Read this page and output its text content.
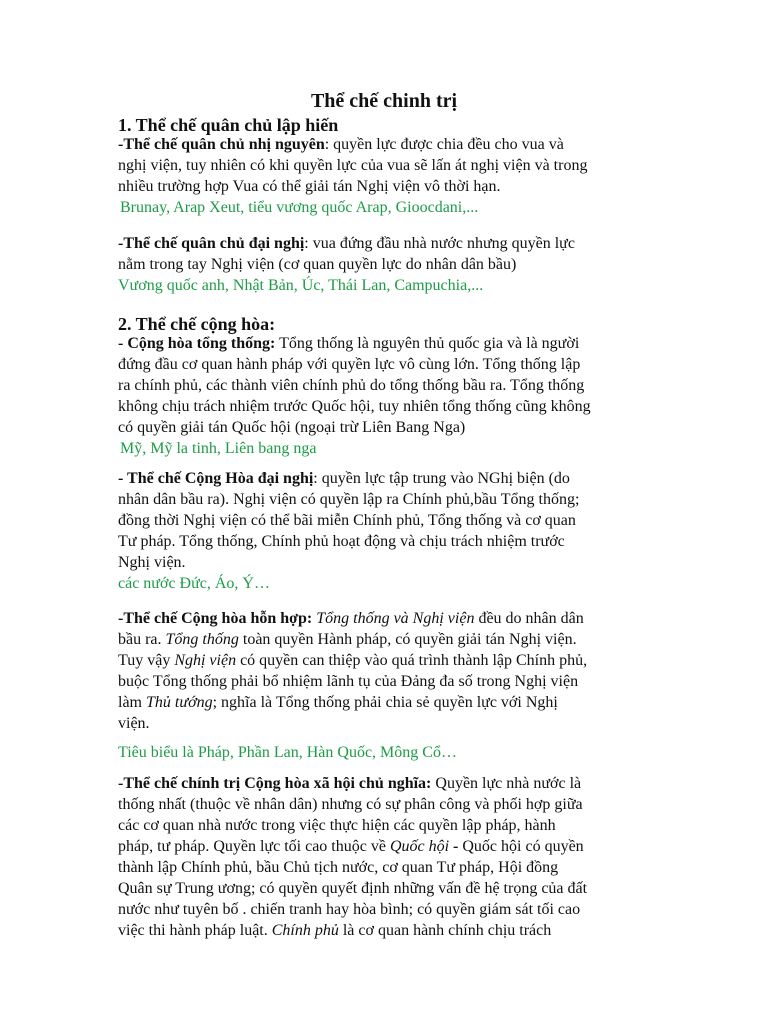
Thể chế chinh trị
1. Thể chế quân chủ lập hiến
-Thể chế quân chủ nhị nguyên: quyền lực được chia đều cho vua và
nghị viện, tuy nhiên có khi quyền lực của vua sẽ lấn át nghị viện và trong
nhiều trường hợp Vua có thể giải tán Nghị viện vô thời hạn.
Brunay, Arap Xeut, tiểu vương quốc Arap, Gioocdani,...
-Thể chế quân chủ đại nghị: vua đứng đầu nhà nước nhưng quyền lực
nằm trong tay Nghị viện (cơ quan quyền lực do nhân dân bầu)
Vương quốc anh, Nhật Bản, Úc, Thái Lan, Campuchia,...
2. Thể chế cộng hòa:
- Cộng hòa tổng thống: Tổng thống là nguyên thủ quốc gia và là người
đứng đầu cơ quan hành pháp với quyền lực vô cùng lớn. Tổng thống lập
ra chính phủ, các thành viên chính phủ do tổng thống bầu ra. Tổng thống
không chịu trách nhiệm trước Quốc hội, tuy nhiên tổng thống cũng không
có quyền giải tán Quốc hội (ngoại trừ Liên Bang Nga)
Mỹ, Mỹ la tinh, Liên bang nga
- Thể chế Cộng Hòa đại nghị: quyền lực tập trung vào NGhị biện (do
nhân dân bầu ra). Nghị viện có quyền lập ra Chính phủ,bầu Tổng thống;
đồng thời Nghị viện có thể bãi miễn Chính phủ, Tổng thống và cơ quan
Tư pháp. Tổng thống, Chính phủ hoạt động và chịu trách nhiệm trước
Nghị viện.
các nước Đức, Áo, Ý…
-Thể chế Cộng hòa hỗn hợp: Tổng thống và Nghị viện đều do nhân dân
bầu ra. Tổng thống toàn quyền Hành pháp, có quyền giải tán Nghị viện.
Tuy vậy Nghị viện có quyền can thiệp vào quá trình thành lập Chính phủ,
buộc Tổng thống phải bổ nhiệm lãnh tụ của Đảng đa số trong Nghị viện
làm Thủ tướng; nghĩa là Tổng thống phải chia sẻ quyền lực với Nghị
viện.
Tiêu biểu là Pháp, Phần Lan, Hàn Quốc, Mông Cổ…
-Thể chế chính trị Cộng hòa xã hội chủ nghĩa: Quyền lực nhà nước là
thống nhất (thuộc về nhân dân) nhưng có sự phân công và phối hợp giữa
các cơ quan nhà nước trong việc thực hiện các quyền lập pháp, hành
pháp, tư pháp. Quyền lực tối cao thuộc về Quốc hội - Quốc hội có quyền
thành lập Chính phủ, bầu Chủ tịch nước, cơ quan Tư pháp, Hội đồng
Quân sự Trung ương; có quyền quyết định những vấn đề hệ trọng của đất
nước như tuyên bố . chiến tranh hay hòa bình; có quyền giám sát tối cao
việc thi hành pháp luật. Chính phủ là cơ quan hành chính chịu trách
